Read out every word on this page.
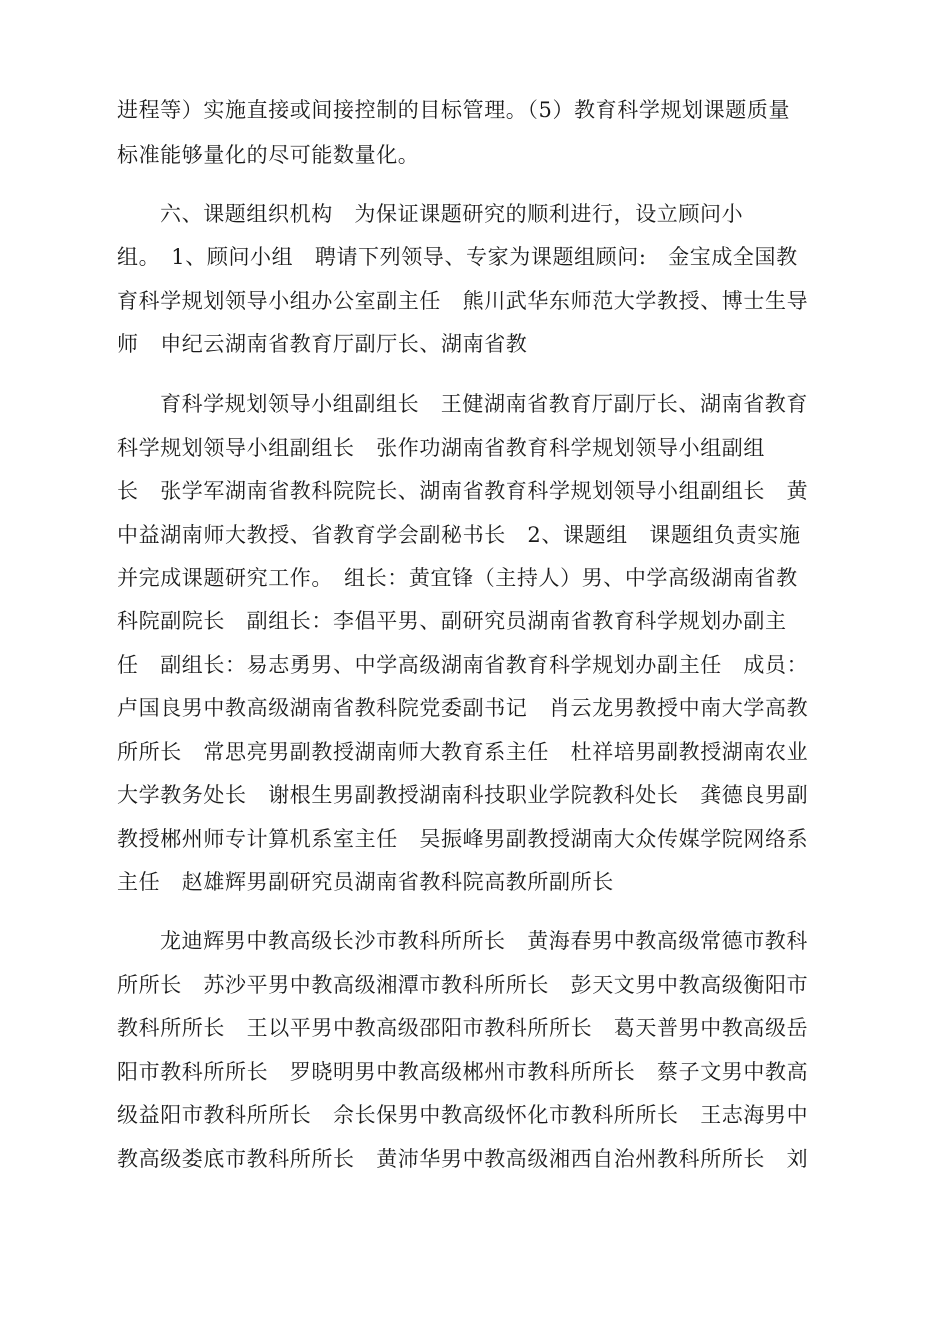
进程等）实施直接或间接控制的目标管理。（5）教育科学规划课题质量
标准能够量化的尽可能数量化。
六、课题组织机构　为保证课题研究的顺利进行，设立顾问小
组。　1、顾问小组　聘请下列领导、专家为课题组顾问:　金宝成全国教
育科学规划领导小组办公室副主任　熊川武华东师范大学教授、博士生导
师　申纪云湖南省教育厅副厅长、湖南省教
育科学规划领导小组副组长　王健湖南省教育厅副厅长、湖南省教育
科学规划领导小组副组长　张作功湖南省教育科学规划领导小组副组
长　张学军湖南省教科院院长、湖南省教育科学规划领导小组副组长　黄
中益湖南师大教授、省教育学会副秘书长　2、课题组　课题组负责实施
并完成课题研究工作。　组长：黄宜锋（主持人）男、中学高级湖南省教
科院副院长　副组长：李倡平男、副研究员湖南省教育科学规划办副主
任　副组长：易志勇男、中学高级湖南省教育科学规划办副主任　成员：
卢国良男中教高级湖南省教科院党委副书记　肖云龙男教授中南大学高教
所所长　常思亮男副教授湖南师大教育系主任　杜祥培男副教授湖南农业
大学教务处长　谢根生男副教授湖南科技职业学院教科处长　龚德良男副
教授郴州师专计算机系室主任　吴振峰男副教授湖南大众传媒学院网络系
主任　赵雄辉男副研究员湖南省教科院高教所副所长
龙迪辉男中教高级长沙市教科所所长　黄海春男中教高级常德市教科
所所长　苏沙平男中教高级湘潭市教科所所长　彭天文男中教高级衡阳市
教科所所长　王以平男中教高级邵阳市教科所所长　葛天普男中教高级岳
阳市教科所所长　罗晓明男中教高级郴州市教科所所长　蔡子文男中教高
级益阳市教科所所长　佘长保男中教高级怀化市教科所所长　王志海男中
教高级娄底市教科所所长　黄沛华男中教高级湘西自治州教科所所长　刘
